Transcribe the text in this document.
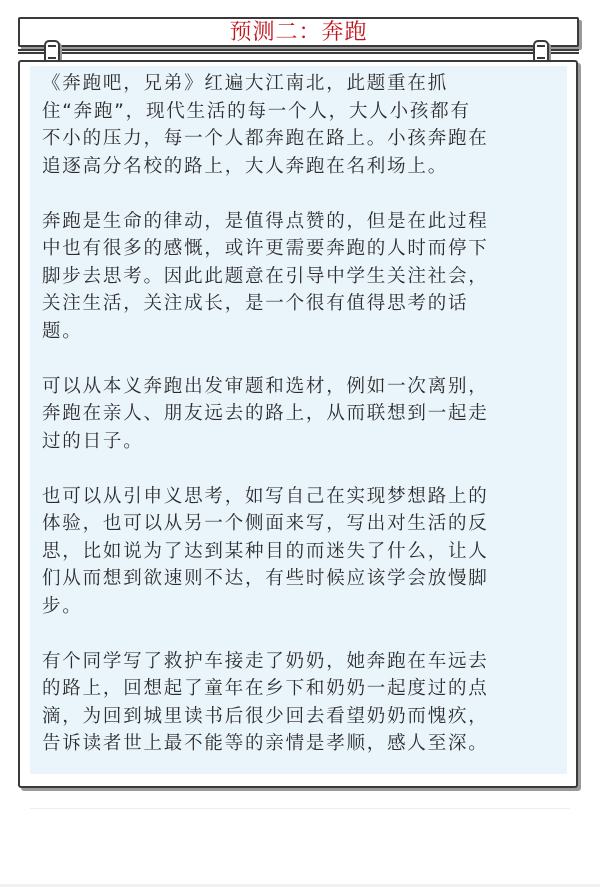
预测二：奔跑
《奔跑吧，兄弟》红遍大江南北，此题重在抓
住“奔跑”，现代生活的每一个人，大人小孩都有
不小的压力，每一个人都奔跑在路上。小孩奔跑在
追逐高分名校的路上，大人奔跑在名利场上。
奔跑是生命的律动，是值得点赞的，但是在此过程
中也有很多的感慨，或许更需要奔跑的人时而停下
脚步去思考。因此此题意在引导中学生关注社会，
关注生活，关注成长，是一个很有值得思考的话
题。
可以从本义奔跑出发审题和选材，例如一次离别，
奔跑在亲人、朋友远去的路上，从而联想到一起走
过的日子。
也可以从引申义思考，如写自己在实现梦想路上的
体验，也可以从另一个侧面来写，写出对生活的反
思，比如说为了达到某种目的而迷失了什么，让人
们从而想到欲速则不达，有些时候应该学会放慢脚
步。
有个同学写了救护车接走了奶奶，她奔跑在车远去
的路上，回想起了童年在乡下和奶奶一起度过的点
滴，为回到城里读书后很少回去看望奶奶而愧疚，
告诉读者世上最不能等的亲情是孝顺，感人至深。
